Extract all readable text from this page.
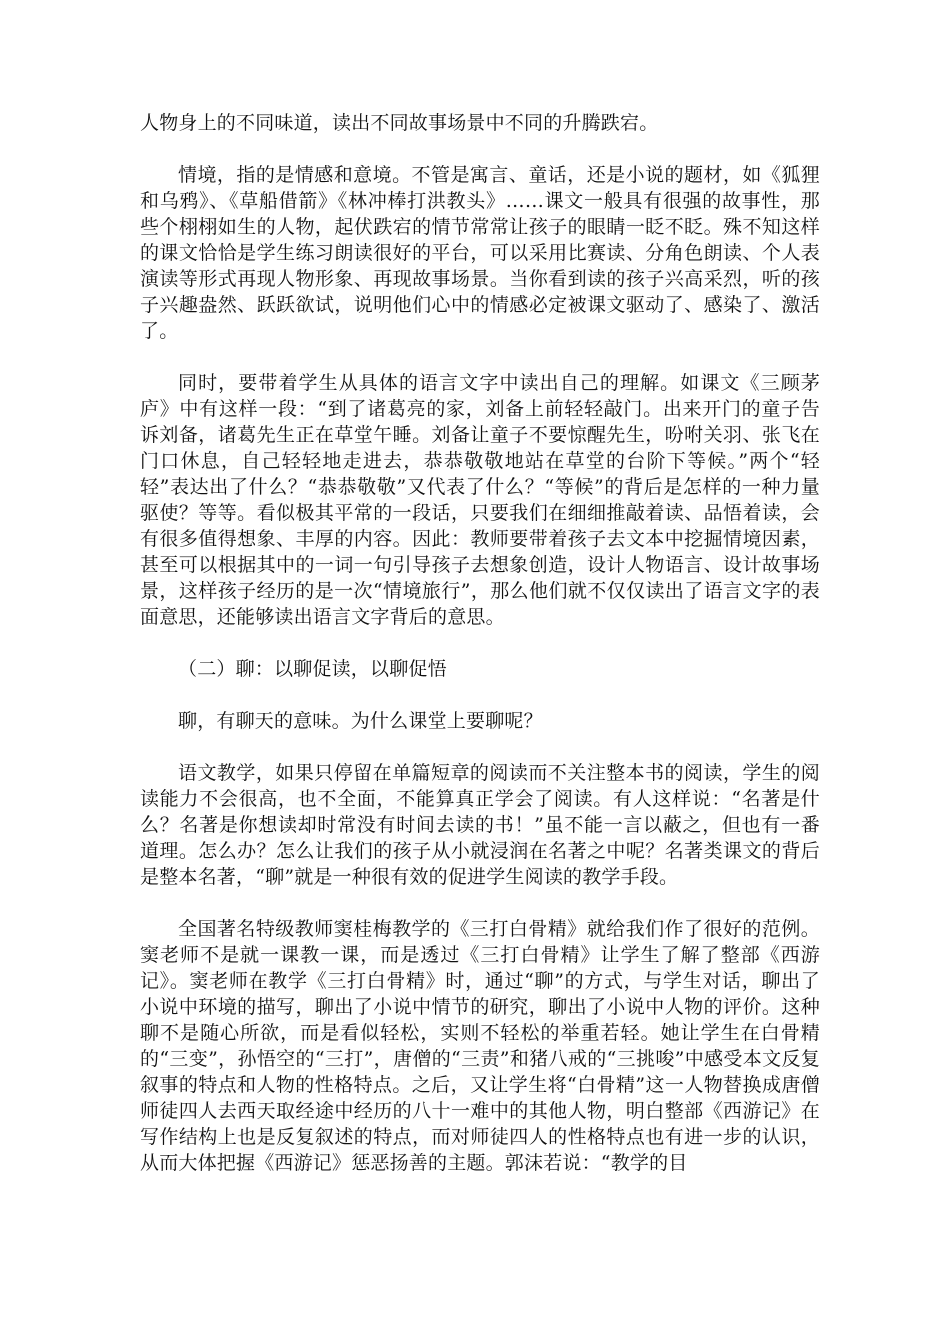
人物身上的不同味道，读出不同故事场景中不同的升腾跌宕。

情境，指的是情感和意境。不管是寓言、童话，还是小说的题材，如《狐狸和乌鸦》、《草船借箭》《林冲棒打洪教头》……课文一般具有很强的故事性，那些个栩栩如生的人物，起伏跌宕的情节常常让孩子的眼睛一眨不眨。殊不知这样的课文恰恰是学生练习朗读很好的平台，可以采用比赛读、分角色朗读、个人表演读等形式再现人物形象、再现故事场景。当你看到读的孩子兴高采烈，听的孩子兴趣盎然、跃跃欲试，说明他们心中的情感必定被课文驱动了、感染了、激活了。

同时，要带着学生从具体的语言文字中读出自己的理解。如课文《三顾茅庐》中有这样一段：“到了诸葛亮的家，刘备上前轻轻敲门。出来开门的童子告诉刘备，诸葛先生正在草堂午睡。刘备让童子不要惊醒先生，吩咐关羽、张飞在门口休息，自己轻轻地走进去，恭恭敬敬地站在草堂的台阶下等候。”两个“轻轻”表达出了什么？“恭恭敬敬”又代表了什么？“等候”的背后是怎样的一种力量驱使？等等。看似极其平常的一段话，只要我们在细细推敲着读、品悟着读，会有很多值得想象、丰厚的内容。因此：教师要带着孩子去文本中挖掘情境因素，甚至可以根据其中的一词一句引导孩子去想象创造，设计人物语言、设计故事场景，这样孩子经历的是一次“情境旅行”，那么他们就不仅仅读出了语言文字的表面意思，还能够读出语言文字背后的意思。

（二）聊：以聊促读，以聊促悟

聊，有聊天的意味。为什么课堂上要聊呢？

语文教学，如果只停留在单篇短章的阅读而不关注整本书的阅读，学生的阅读能力不会很高，也不全面，不能算真正学会了阅读。有人这样说：“名著是什么？名著是你想读却时常没有时间去读的书！”虽不能一言以蔽之，但也有一番道理。怎么办？怎么让我们的孩子从小就浸润在名著之中呢？名著类课文的背后是整本名著，“聊”就是一种很有效的促进学生阅读的教学手段。

全国著名特级教师窦桂梅教学的《三打白骨精》就给我们作了很好的范例。窦老师不是就一课教一课，而是透过《三打白骨精》让学生了解了整部《西游记》。窦老师在教学《三打白骨精》时，通过“聊”的方式，与学生对话，聊出了小说中环境的描写，聊出了小说中情节的研究，聊出了小说中人物的评价。这种聊不是随心所欲，而是看似轻松，实则不轻松的举重若轻。她让学生在白骨精的“三变”，孙悟空的“三打”，唐僧的“三责”和猪八戒的“三挑唆”中感受本文反复叙事的特点和人物的性格特点。之后，又让学生将“白骨精”这一人物替换成唐僧师徒四人去西天取经途中经历的八十一难中的其他人物，明白整部《西游记》在写作结构上也是反复叙述的特点，而对师徒四人的性格特点也有进一步的认识，从而大体把握《西游记》惩恶扬善的主题。郭沫若说：“教学的目
